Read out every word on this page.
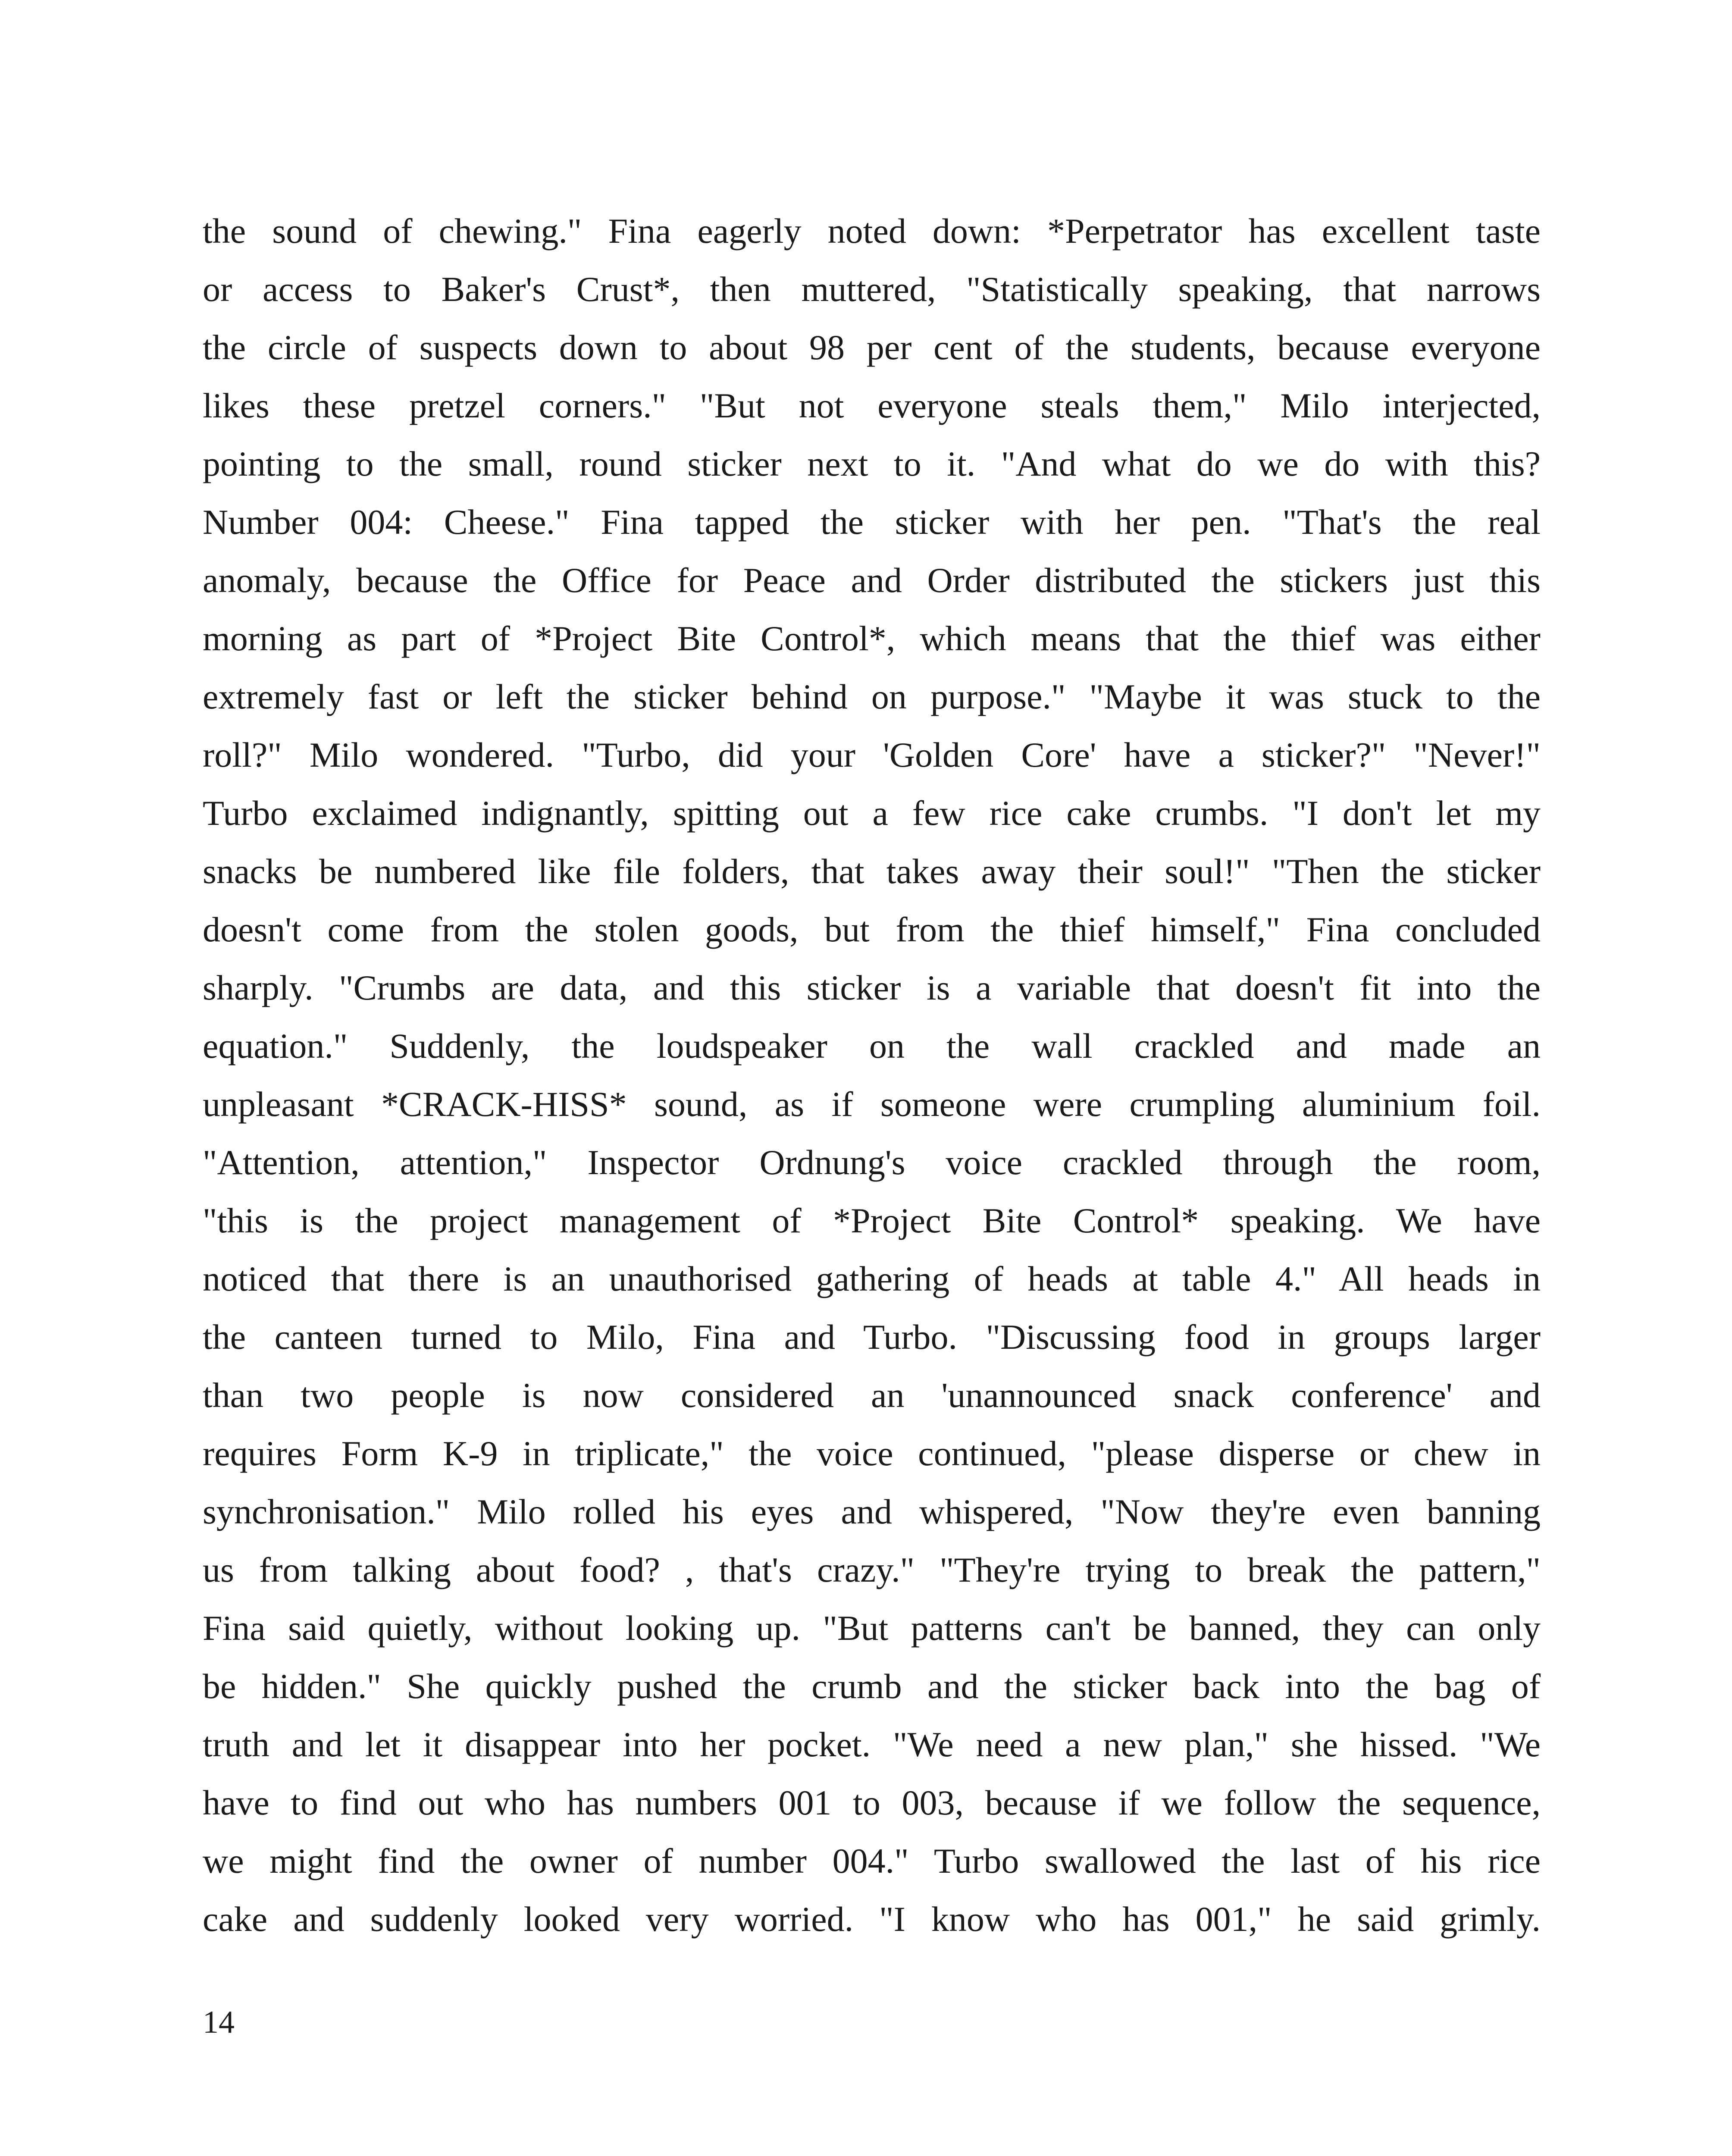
the sound of chewing." Fina eagerly noted down: *Perpetrator has excellent taste
or access to Baker's Crust*, then muttered, "Statistically speaking, that narrows
the circle of suspects down to about 98 per cent of the students, because everyone
likes these pretzel corners." "But not everyone steals them," Milo interjected,
pointing to the small, round sticker next to it. "And what do we do with this?
Number 004: Cheese." Fina tapped the sticker with her pen. "That's the real
anomaly, because the Office for Peace and Order distributed the stickers just this
morning as part of *Project Bite Control*, which means that the thief was either
extremely fast or left the sticker behind on purpose." "Maybe it was stuck to the
roll?" Milo wondered. "Turbo, did your 'Golden Core' have a sticker?" "Never!"
Turbo exclaimed indignantly, spitting out a few rice cake crumbs. "I don't let my
snacks be numbered like file folders, that takes away their soul!" "Then the sticker
doesn't come from the stolen goods, but from the thief himself," Fina concluded
sharply. "Crumbs are data, and this sticker is a variable that doesn't fit into the
equation." Suddenly, the loudspeaker on the wall crackled and made an
unpleasant *CRACK-HISS* sound, as if someone were crumpling aluminium foil.
"Attention, attention," Inspector Ordnung's voice crackled through the room,
"this is the project management of *Project Bite Control* speaking. We have
noticed that there is an unauthorised gathering of heads at table 4." All heads in
the canteen turned to Milo, Fina and Turbo. "Discussing food in groups larger
than two people is now considered an 'unannounced snack conference' and
requires Form K-9 in triplicate," the voice continued, "please disperse or chew in
synchronisation." Milo rolled his eyes and whispered, "Now they're even banning
us from talking about food? , that's crazy." "They're trying to break the pattern,"
Fina said quietly, without looking up. "But patterns can't be banned, they can only
be hidden." She quickly pushed the crumb and the sticker back into the bag of
truth and let it disappear into her pocket. "We need a new plan," she hissed. "We
have to find out who has numbers 001 to 003, because if we follow the sequence,
we might find the owner of number 004." Turbo swallowed the last of his rice
cake and suddenly looked very worried. "I know who has 001," he said grimly.
14
